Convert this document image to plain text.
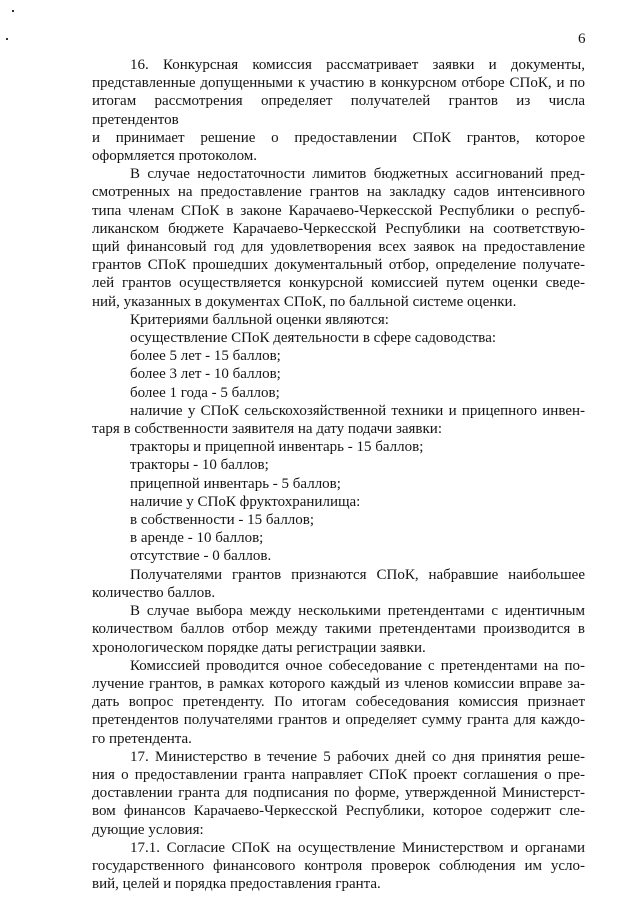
6

16. Конкурсная комиссия рассматривает заявки и документы,

представленные допущенными к участию в конкурсном отборе СПоК, и по

итогам рассмотрения определяет получателей грантов из числа претендентов

и принимает решение о предоставлении СПоК грантов, которое

оформляется протоколом.

В случае недостаточности лимитов бюджетных ассигнований пред-

смотренных на предоставление грантов на закладку садов интенсивного

типа членам СПоК в законе Карачаево-Черкесской Республики о респуб-

ликанском бюджете Карачаево-Черкесской Республики на соответствую-

щий финансовый год для удовлетворения всех заявок на предоставление

грантов СПоК прошедших документальный отбор, определение получате-

лей грантов осуществляется конкурсной комиссией путем оценки сведе-

ний, указанных в документах СПоК, по балльной системе оценки.

Критериями балльной оценки являются:

осуществление СПоК деятельности в сфере садоводства:

более 5 лет - 15 баллов;

более 3 лет - 10 баллов;

более 1 года - 5 баллов;

наличие у СПоК сельскохозяйственной техники и прицепного инвен-

таря в собственности заявителя на дату подачи заявки:

тракторы и прицепной инвентарь - 15 баллов;

тракторы - 10 баллов;

прицепной инвентарь - 5 баллов;

наличие у СПоК фруктохранилища:

в собственности - 15 баллов;

в аренде - 10 баллов;

отсутствие - 0 баллов.

Получателями грантов признаются СПоК, набравшие наибольшее

количество баллов.

В случае выбора между несколькими претендентами с идентичным

количеством баллов отбор между такими претендентами производится в

хронологическом порядке даты регистрации заявки.

Комиссией проводится очное собеседование с претендентами на по-

лучение грантов, в рамках которого каждый из членов комиссии вправе за-

дать вопрос претенденту. По итогам собеседования комиссия признает

претендентов получателями грантов и определяет сумму гранта для каждо-

го претендента.

17. Министерство в течение 5 рабочих дней со дня принятия реше-

ния о предоставлении гранта направляет СПоК проект соглашения о пре-

доставлении гранта для подписания по форме, утвержденной Министерст-

вом финансов Карачаево-Черкесской Республики, которое содержит сле-

дующие условия:

17.1. Согласие СПоК на осуществление Министерством и органами

государственного финансового контроля проверок соблюдения им усло-

вий, целей и порядка предоставления гранта.
